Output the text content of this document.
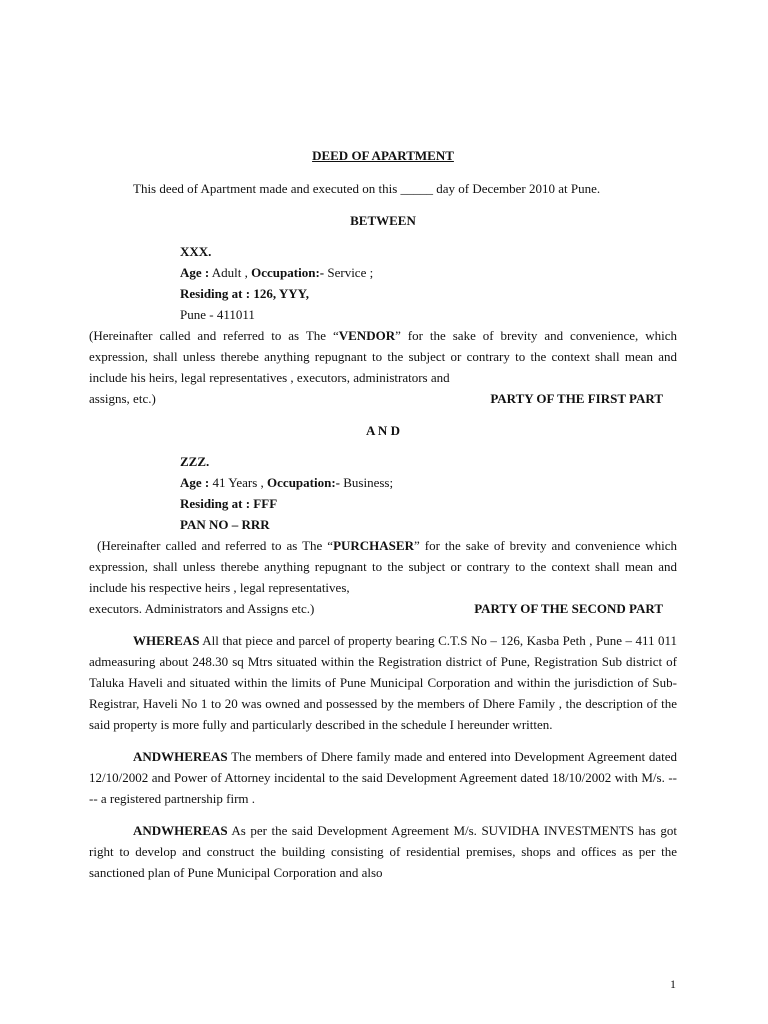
DEED OF APARTMENT
This deed of Apartment made and executed on this _____ day of December 2010 at Pune.
BETWEEN
XXX.
Age : Adult , Occupation:- Service ;
Residing at : 126, YYY,
Pune - 411011
(Hereinafter called and referred to as The “VENDOR” for the sake of brevity and convenience, which expression, shall unless therebe anything repugnant to the subject or contrary to the context shall mean and include his heirs, legal representatives , executors, administrators and
assigns, etc.)	PARTY OF THE FIRST PART
A N D
ZZZ.
Age : 41 Years , Occupation:- Business;
Residing at : FFF
PAN NO – RRR
(Hereinafter called and referred to as The “PURCHASER” for the sake of brevity and convenience which expression, shall unless therebe anything repugnant to the subject or contrary to the context shall mean and include his respective heirs , legal representatives,
executors. Administrators and Assigns etc.)	PARTY OF THE SECOND PART
WHEREAS All that piece and parcel of property bearing C.T.S No – 126, Kasba Peth , Pune – 411 011 admeasuring about 248.30 sq Mtrs situated within the Registration district of Pune, Registration Sub district of Taluka Haveli and situated within the limits of Pune Municipal Corporation and within the jurisdiction of Sub-Registrar, Haveli No 1 to 20 was owned and possessed by the members of Dhere Family , the description of the said property is more fully and particularly described in the schedule I hereunder written.
ANDWHEREAS The members of Dhere family made and entered into Development Agreement dated 12/10/2002 and Power of Attorney incidental to the said Development Agreement dated 18/10/2002 with M/s. ---- a registered partnership firm .
ANDWHEREAS As per the said Development Agreement M/s. SUVIDHA INVESTMENTS has got right to develop and construct the building consisting of residential premises, shops and offices as per the sanctioned plan of Pune Municipal Corporation and also
1
